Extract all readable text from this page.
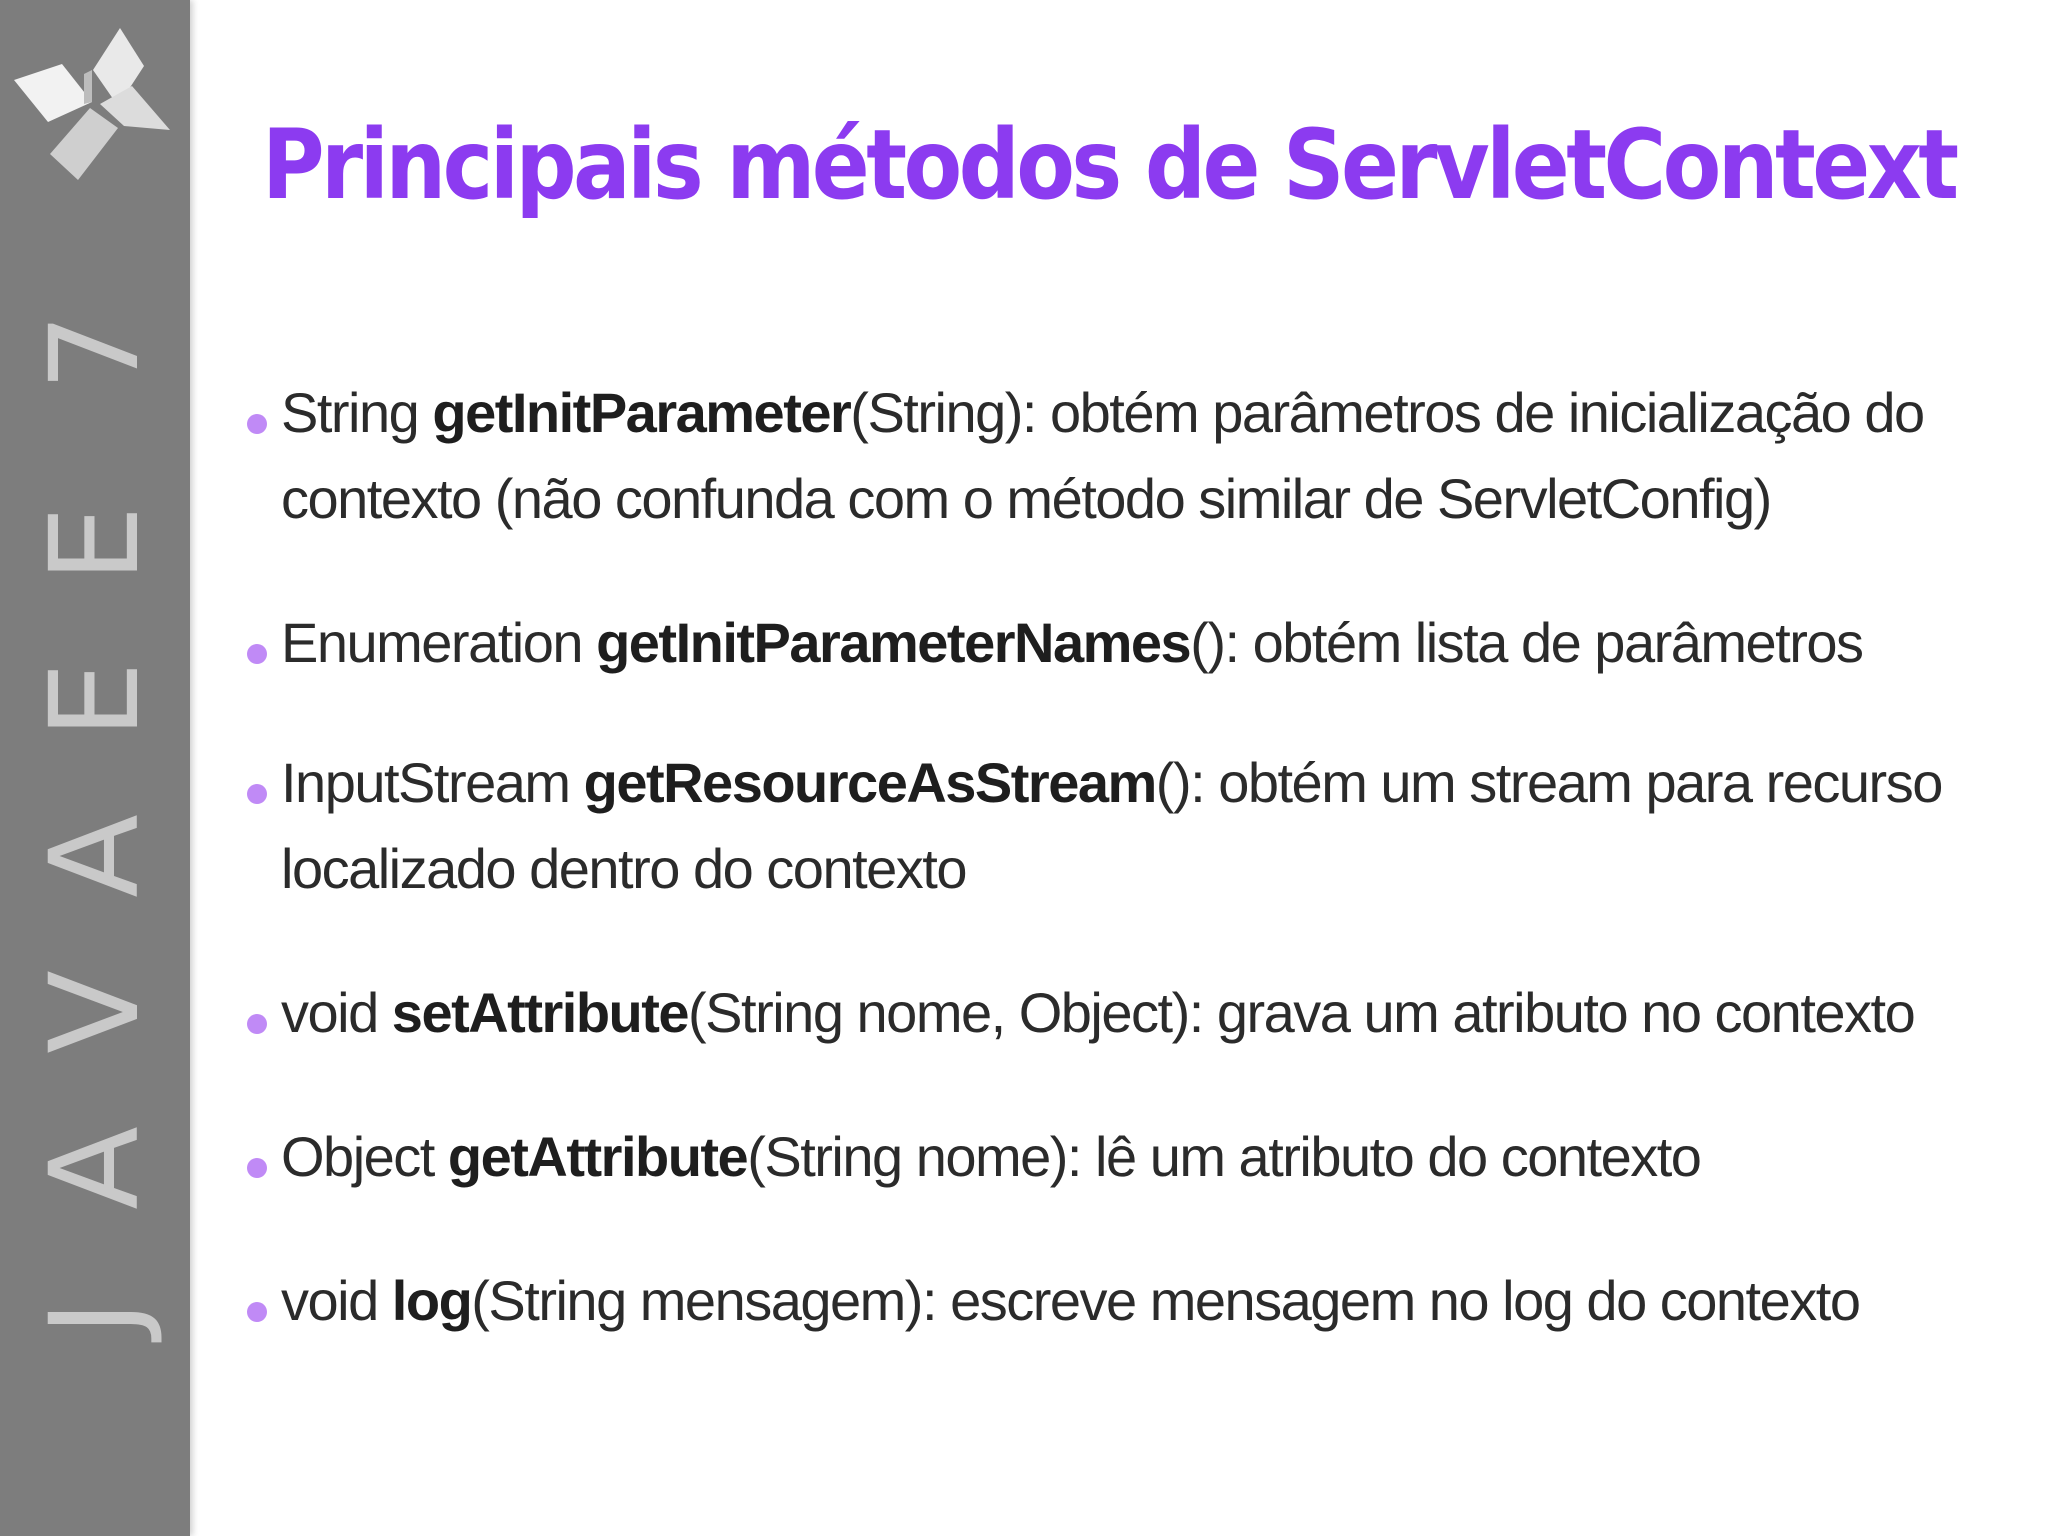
J
A
V
A
E
E
7
Principais métodos de ServletContext
String getInitParameter(String): obtém parâmetros de inicialização do contexto (não confunda com o método similar de ServletConfig)
Enumeration getInitParameterNames(): obtém lista de parâmetros
InputStream getResourceAsStream(): obtém um stream para recurso localizado dentro do contexto
void setAttribute(String nome, Object): grava um atributo no contexto
Object getAttribute(String nome): lê um atributo do contexto
void log(String mensagem): escreve mensagem no log do contexto
